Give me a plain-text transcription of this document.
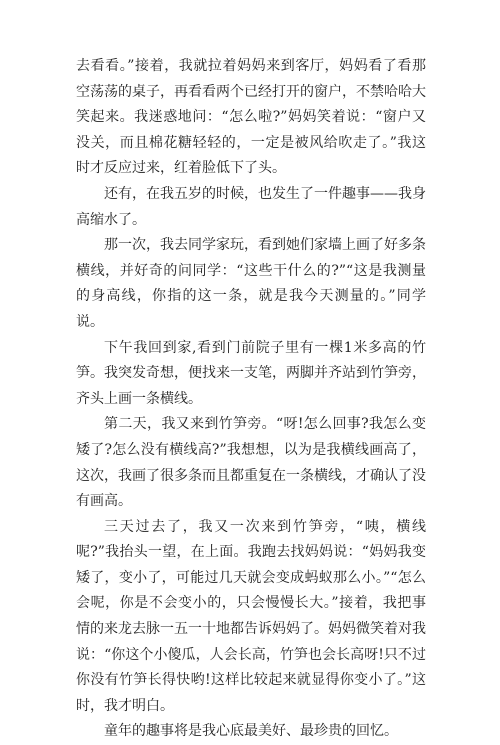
去看看。”接着，我就拉着妈妈来到客厅，妈妈看了看那空荡荡的桌子，再看看两个已经打开的窗户，不禁哈哈大笑起来。我迷惑地问：“怎么啦?”妈妈笑着说：“窗户又没关，而且棉花糖轻轻的，一定是被风给吹走了。”我这时才反应过来，红着脸低下了头。

还有，在我五岁的时候，也发生了一件趣事——我身高缩水了。

那一次，我去同学家玩，看到她们家墙上画了好多条横线，并好奇的问同学：“这些干什么的?”“这是我测量的身高线，你指的这一条，就是我今天测量的。”同学说。

下午我回到家,看到门前院子里有一棵1米多高的竹笋。我突发奇想，便找来一支笔，两脚并齐站到竹笋旁，齐头上画一条横线。

第二天，我又来到竹笋旁。“呀!怎么回事?我怎么变矮了?怎么没有横线高?”我想想，以为是我横线画高了，这次，我画了很多条而且都重复在一条横线，才确认了没有画高。

三天过去了，我又一次来到竹笋旁，“咦，横线呢?”我抬头一望，在上面。我跑去找妈妈说：“妈妈我变矮了，变小了，可能过几天就会变成蚂蚁那么小。”“怎么会呢，你是不会变小的，只会慢慢长大。”接着，我把事情的来龙去脉一五一十地都告诉妈妈了。妈妈微笑着对我说：“你这个小傻瓜，人会长高，竹笋也会长高呀!只不过你没有竹笋长得快哟!这样比较起来就显得你变小了。”这时，我才明白。

童年的趣事将是我心底最美好、最珍贵的回忆。
